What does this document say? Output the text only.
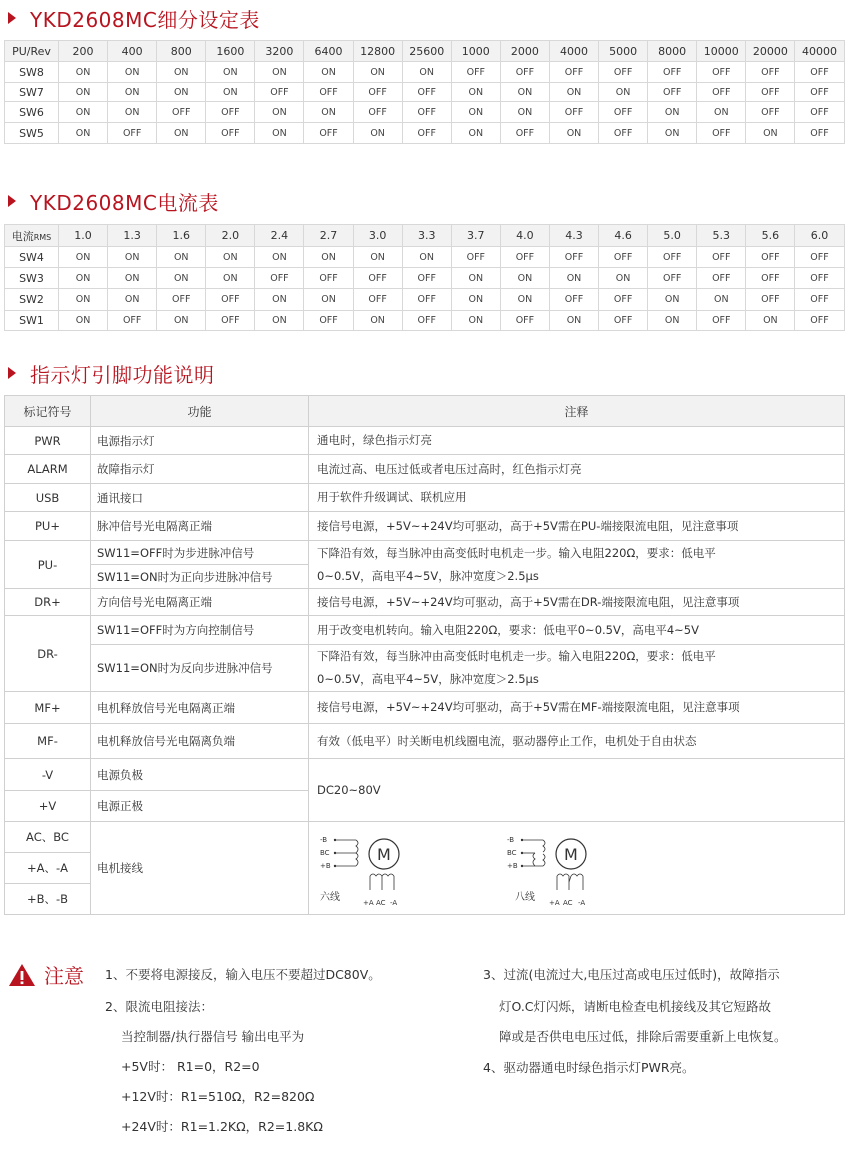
YKD2608MC细分设定表
PU/Rev	200	400	800	1600	3200	6400	12800	25600	1000	2000	4000	5000	8000	10000	20000	40000
SW8	ON	ON	ON	ON	ON	ON	ON	ON	OFF	OFF	OFF	OFF	OFF	OFF	OFF	OFF
SW7	ON	ON	ON	ON	OFF	OFF	OFF	OFF	ON	ON	ON	ON	OFF	OFF	OFF	OFF
SW6	ON	ON	OFF	OFF	ON	ON	OFF	OFF	ON	ON	OFF	OFF	ON	ON	OFF	OFF
SW5	ON	OFF	ON	OFF	ON	OFF	ON	OFF	ON	OFF	ON	OFF	ON	OFF	ON	OFF
YKD2608MC电流表
电流RMS	1.0	1.3	1.6	2.0	2.4	2.7	3.0	3.3	3.7	4.0	4.3	4.6	5.0	5.3	5.6	6.0
SW4	ON	ON	ON	ON	ON	ON	ON	ON	OFF	OFF	OFF	OFF	OFF	OFF	OFF	OFF
SW3	ON	ON	ON	ON	OFF	OFF	OFF	OFF	ON	ON	ON	ON	OFF	OFF	OFF	OFF
SW2	ON	ON	OFF	OFF	ON	ON	OFF	OFF	ON	ON	OFF	OFF	ON	ON	OFF	OFF
SW1	ON	OFF	ON	OFF	ON	OFF	ON	OFF	ON	OFF	ON	OFF	ON	OFF	ON	OFF
指示灯引脚功能说明
标记符号	功能	注释
PWR	电源指示灯	通电时，绿色指示灯亮
ALARM	故障指示灯	电流过高、电压过低或者电压过高时，红色指示灯亮
USB	通讯接口	用于软件升级调试、联机应用
PU+	脉冲信号光电隔离正端	接信号电源，+5V~+24V均可驱动，高于+5V需在PU-端接限流电阻，见注意事项
PU-	SW11=OFF时为步进脉冲信号	下降沿有效，每当脉冲由高变低时电机走一步。输入电阻220Ω，要求：低电平
0~0.5V，高电平4~5V，脉冲宽度＞2.5μs

	SW11=ON时为正向步进脉冲信号	
DR+	方向信号光电隔离正端	接信号电源，+5V~+24V均可驱动，高于+5V需在DR-端接限流电阻，见注意事项
DR-	SW11=OFF时为方向控制信号	用于改变电机转向。输入电阻220Ω，要求：低电平0~0.5V，高电平4~5V
	SW11=ON时为反向步进脉冲信号	下降沿有效，每当脉冲由高变低时电机走一步。输入电阻220Ω，要求：低电平
0~0.5V，高电平4~5V，脉冲宽度＞2.5μs

MF+	电机释放信号光电隔离正端	接信号电源，+5V~+24V均可驱动，高于+5V需在MF-端接限流电阻，见注意事项
MF-	电机释放信号光电隔离负端	有效（低电平）时关断电机线圈电流，驱动器停止工作，电机处于自由状态
-V	电源负极	DC20~80V
+V	电源正极	
AC、BC	电机接线	
+A、-A		
+B、-B		
-B
BC
+B
M
六线	+A AC -A
-B
BC
+B
M
八线 +A AC -A
注意 1、不要将电源接反，输入电压不要超过DC80V。
2、限流电阻接法：
当控制器/执行器信号 输出电平为
+5V时： R1=0，R2=0
+12V时：R1=510Ω，R2=820Ω
+24V时：R1=1.2KΩ，R2=1.8KΩ
3、过流(电流过大,电压过高或电压过低时)，故障指示
灯O.C灯闪烁，请断电检查电机接线及其它短路故
障或是否供电电压过低，排除后需要重新上电恢复。
4、驱动器通电时绿色指示灯PWR亮。
